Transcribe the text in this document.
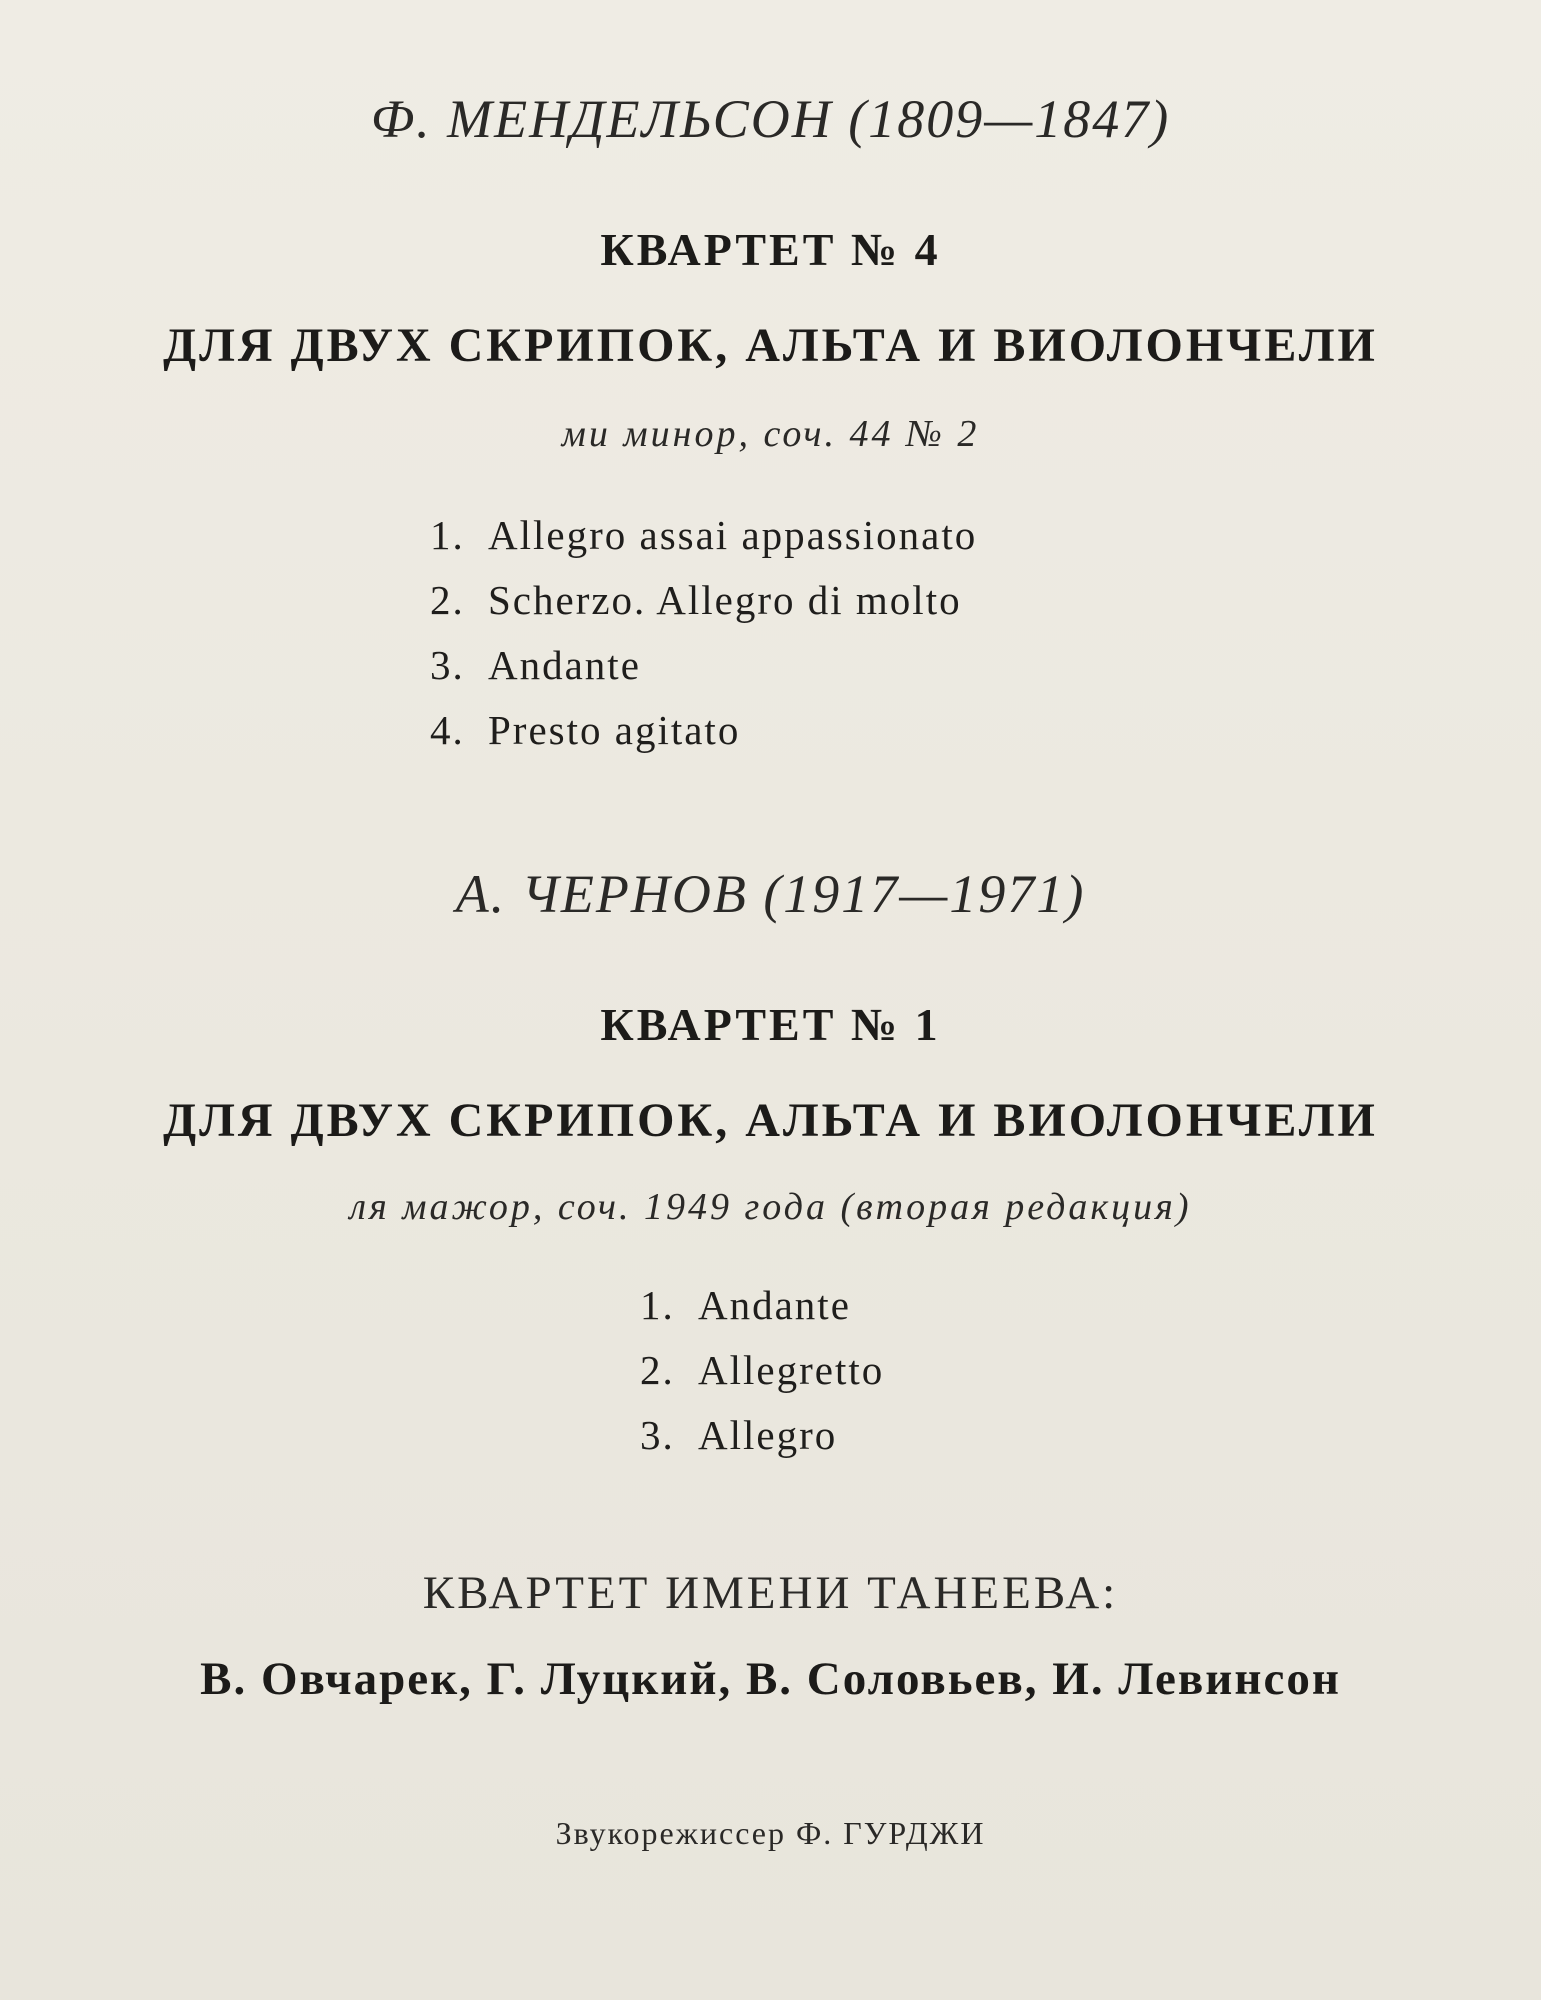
Ф. МЕНДЕЛЬСОН (1809—1847)
КВАРТЕТ № 4
ДЛЯ ДВУХ СКРИПОК, АЛЬТА И ВИОЛОНЧЕЛИ
ми минор, соч. 44 № 2
1. Allegro assai appassionato
2. Scherzo. Allegro di molto
3. Andante
4. Presto agitato
А. ЧЕРНОВ (1917—1971)
КВАРТЕТ № 1
ДЛЯ ДВУХ СКРИПОК, АЛЬТА И ВИОЛОНЧЕЛИ
ля мажор, соч. 1949 года (вторая редакция)
1. Andante
2. Allegretto
3. Allegro
КВАРТЕТ ИМЕНИ ТАНЕЕВА:
В. Овчарек, Г. Луцкий, В. Соловьев, И. Левинсон
Звукорежиссер Ф. ГУРДЖИ
